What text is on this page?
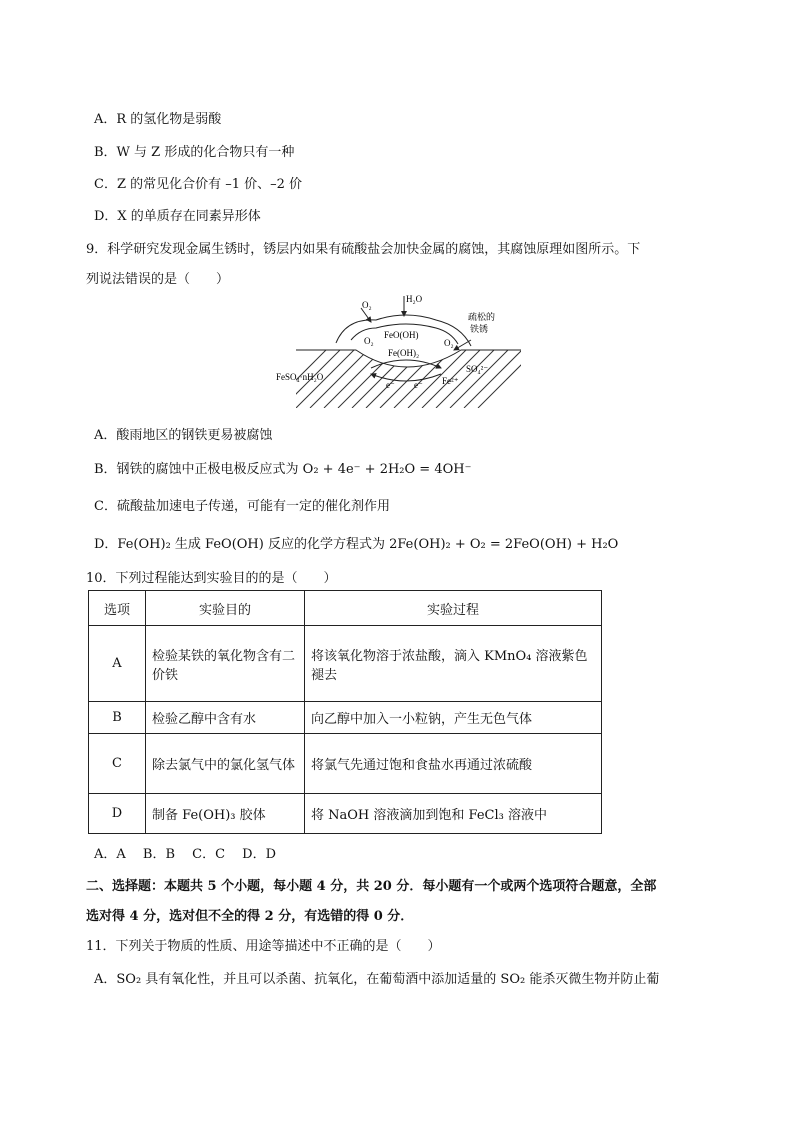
A．R 的氢化物是弱酸
B．W 与 Z 形成的化合物只有一种
C．Z 的常见化合价有 –1 价、–2 价
D．X 的单质存在同素异形体
9．科学研究发现金属生锈时，锈层内如果有硫酸盐会加快金属的腐蚀，其腐蚀原理如图所示。下
列说法错误的是（　　）
O₂
H₂O
疏松的
铁锈
O₂
FeO(OH)
O₂
Fe(OH)₂
SO₄²⁻
FeSO₄·nH₂O
e⁻ e⁻ Fe²⁺
A．酸雨地区的钢铁更易被腐蚀
B．钢铁的腐蚀中正极电极反应式为 O₂ + 4e⁻ + 2H₂O = 4OH⁻
C．硫酸盐加速电子传递，可能有一定的催化剂作用
D．Fe(OH)₂ 生成 FeO(OH) 反应的化学方程式为 2Fe(OH)₂ + O₂ = 2FeO(OH) + H₂O
10．下列过程能达到实验目的的是（　　）
选项	实验目的	实验过程
A	检验某铁的氧化物含有二价铁	将该氧化物溶于浓盐酸，滴入 KMnO₄ 溶液紫色褪去
B	检验乙醇中含有水	向乙醇中加入一小粒钠，产生无色气体
C	除去氯气中的氯化氢气体	将氯气先通过饱和食盐水再通过浓硫酸
D	制备 Fe(OH)₃ 胶体	将 NaOH 溶液滴加到饱和 FeCl₃ 溶液中
A．A　 B．B　 C．C　 D．D
二、选择题：本题共 5 个小题，每小题 4 分，共 20 分．每小题有一个或两个选项符合题意，全部
选对得 4 分，选对但不全的得 2 分，有选错的得 0 分．
11．下列关于物质的性质、用途等描述中不正确的是（　　）
A．SO₂ 具有氧化性，并且可以杀菌、抗氧化，在葡萄酒中添加适量的 SO₂ 能杀灭微生物并防止葡
